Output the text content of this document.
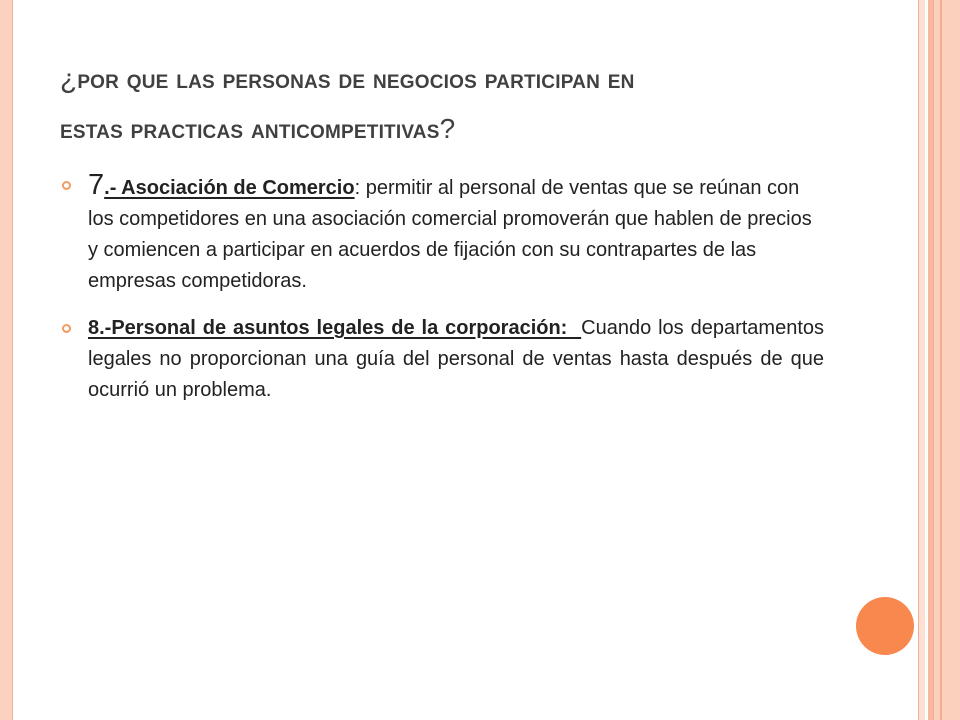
¿por que las personas de negocios participan en
estas practicas anticompetitivas?
7.- Asociación de Comercio: permitir al personal de ventas que se reúnan con los competidores en una asociación comercial promoverán que hablen de precios y comiencen a participar en acuerdos de fijación con su contrapartes de las empresas competidoras.
8.-Personal de asuntos legales de la corporación:  Cuando los departamentos legales no proporcionan una guía del personal de ventas hasta después de que ocurrió un problema.
